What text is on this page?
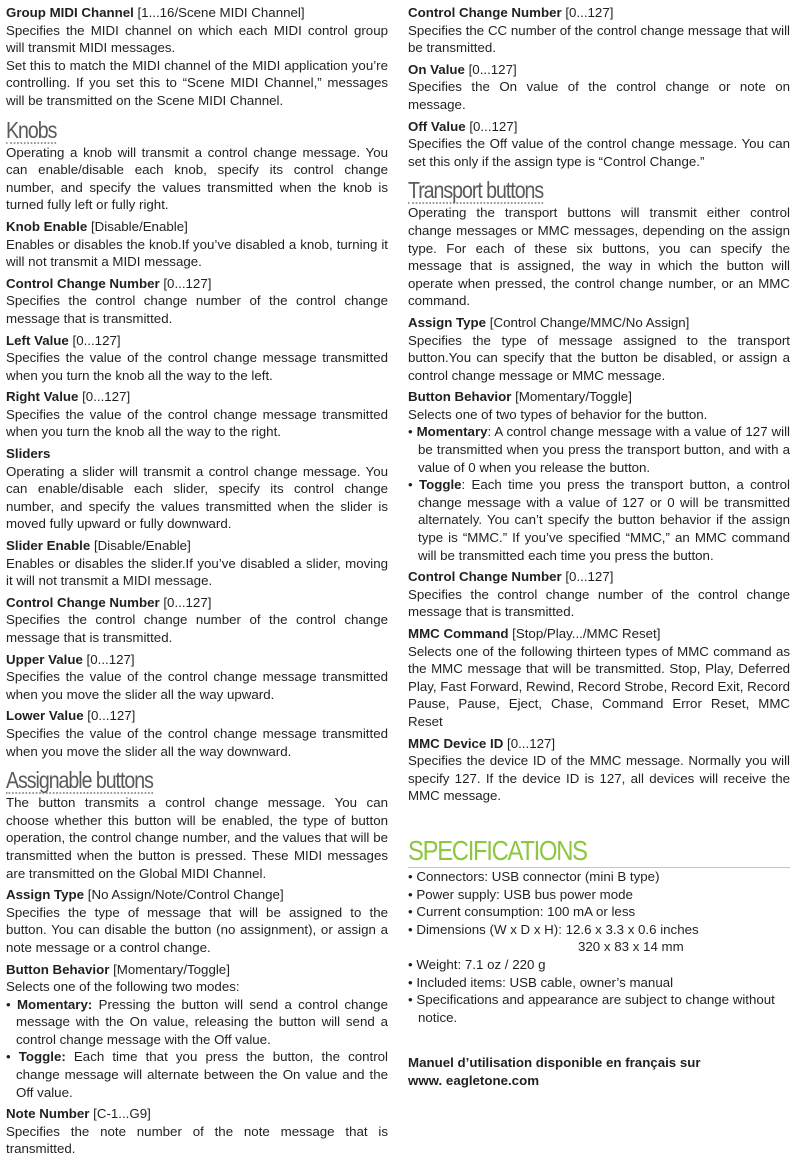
Group MIDI Channel [1...16/Scene MIDI Channel]

Specifies the MIDI channel on which each MIDI control group will transmit MIDI messages.

Set this to match the MIDI channel of the MIDI application you’re controlling. If you set this to “Scene MIDI Channel,” messages will be transmitted on the Scene MIDI Channel.

Knobs

Operating a knob will transmit a control change message. You can enable/disable each knob, specify its control change number, and specify the values transmitted when the knob is turned fully left or fully right.

Knob Enable [Disable/Enable]

Enables or disables the knob.If you’ve disabled a knob, turning it will not transmit a MIDI message.

Control Change Number [0...127]

Specifies the control change number of the control change message that is transmitted.

Left Value [0...127]

Specifies the value of the control change message transmitted when you turn the knob all the way to the left.

Right Value [0...127]

Specifies the value of the control change message transmitted when you turn the knob all the way to the right.

Sliders

Operating a slider will transmit a control change message. You can enable/disable each slider, specify its control change number, and specify the values transmitted when the slider is moved fully upward or fully downward.

Slider Enable [Disable/Enable]

Enables or disables the slider.If you’ve disabled a slider, moving it will not transmit a MIDI message.

Control Change Number [0...127]

Specifies the control change number of the control change message that is transmitted.

Upper Value [0...127]

Specifies the value of the control change message transmitted when you move the slider all the way upward.

Lower Value [0...127]

Specifies the value of the control change message transmitted when you move the slider all the way downward.

Assignable buttons

The button transmits a control change message. You can choose whether this button will be enabled, the type of button operation, the control change number, and the values that will be transmitted when the button is pressed. These MIDI messages are transmitted on the Global MIDI Channel.

Assign Type [No Assign/Note/Control Change]

Specifies the type of message that will be assigned to the button. You can disable the button (no assignment), or assign a note message or a control change.

Button Behavior [Momentary/Toggle]

Selects one of the following two modes:

• Momentary: Pressing the button will send a control change message with the On value, releasing the button will send a control change message with the Off value.
• Toggle: Each time that you press the button, the control change message will alternate between the On value and the Off value.
Note Number [C-1...G9]

Specifies the note number of the note message that is transmitted.

Control Change Number [0...127]

Specifies the CC number of the control change message that will be transmitted.

On Value [0...127]

Specifies the On value of the control change or note on message.

Off Value [0...127]

Specifies the Off value of the control change message. You can set this only if the assign type is “Control Change.”

Transport buttons

Operating the transport buttons will transmit either control change messages or MMC messages, depending on the assign type. For each of these six buttons, you can specify the message that is assigned, the way in which the button will operate when pressed, the control change number, or an MMC command.

Assign Type [Control Change/MMC/No Assign]

Specifies the type of message assigned to the transport button.You can specify that the button be disabled, or assign a control change message or MMC message.

Button Behavior [Momentary/Toggle]

Selects one of two types of behavior for the button.

• Momentary: A control change message with a value of 127 will be transmitted when you press the transport button, and with a value of 0 when you release the button.
• Toggle: Each time you press the transport button, a control change message with a value of 127 or 0 will be transmitted alternately. You can’t specify the button behavior if the assign type is “MMC.” If you’ve specified “MMC,” an MMC command will be transmitted each time you press the button.
Control Change Number [0...127]

Specifies the control change number of the control change message that is transmitted.

MMC Command [Stop/Play.../MMC Reset]

Selects one of the following thirteen types of MMC command as the MMC message that will be transmitted. Stop, Play, Deferred Play, Fast Forward, Rewind, Record Strobe, Record Exit, Record Pause, Pause, Eject, Chase, Command Error Reset, MMC Reset

MMC Device ID [0...127]

Specifies the device ID of the MMC message. Normally you will specify 127. If the device ID is 127, all devices will receive the MMC message.

SPECIFICATIONS
• Connectors: USB connector (mini B type)
• Power supply: USB bus power mode
• Current consumption: 100 mA or less
• Dimensions (W x D x H): 12.6 x 3.3 x 0.6 inches
320 x 83 x 14 mm
• Weight: 7.1 oz / 220 g
• Included items: USB cable, owner’s manual
• Specifications and appearance are subject to change without notice.
Manuel d’utilisation disponible en français sur
www. eagletone.com
